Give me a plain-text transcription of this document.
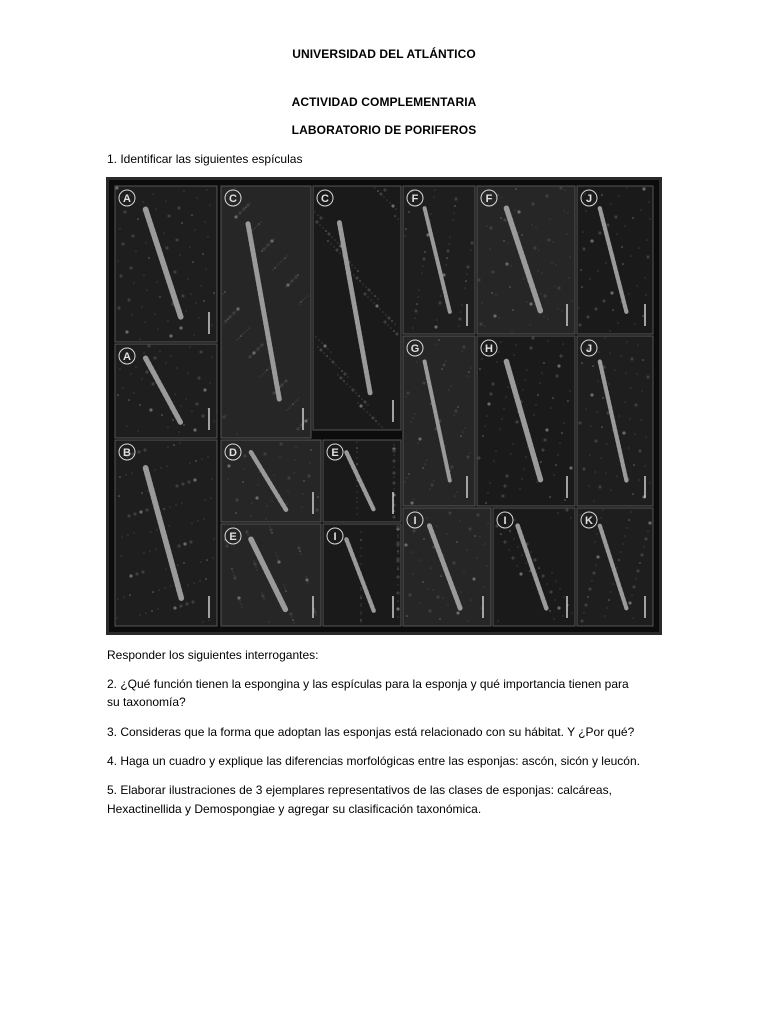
UNIVERSIDAD DEL ATLÁNTICO
ACTIVIDAD COMPLEMENTARIA
LABORATORIO DE PORIFEROS
1. Identificar las siguientes espículas
A	C	C	F	F	J
A
G	H	J
D	E
B
I	I	K
E	I
Responder los siguientes interrogantes:
2. ¿Qué función tienen la espongina y las espículas para la esponja y qué importancia tienen para
su taxonomía?
3. Consideras que la forma que adoptan las esponjas está relacionado con su hábitat. Y ¿Por qué?
4. Haga un cuadro y explique las diferencias morfológicas entre las esponjas: ascón, sicón y leucón.
5. Elaborar ilustraciones de 3 ejemplares representativos de las clases de esponjas: calcáreas,
Hexactinellida y Demospongiae y agregar su clasificación taxonómica.
